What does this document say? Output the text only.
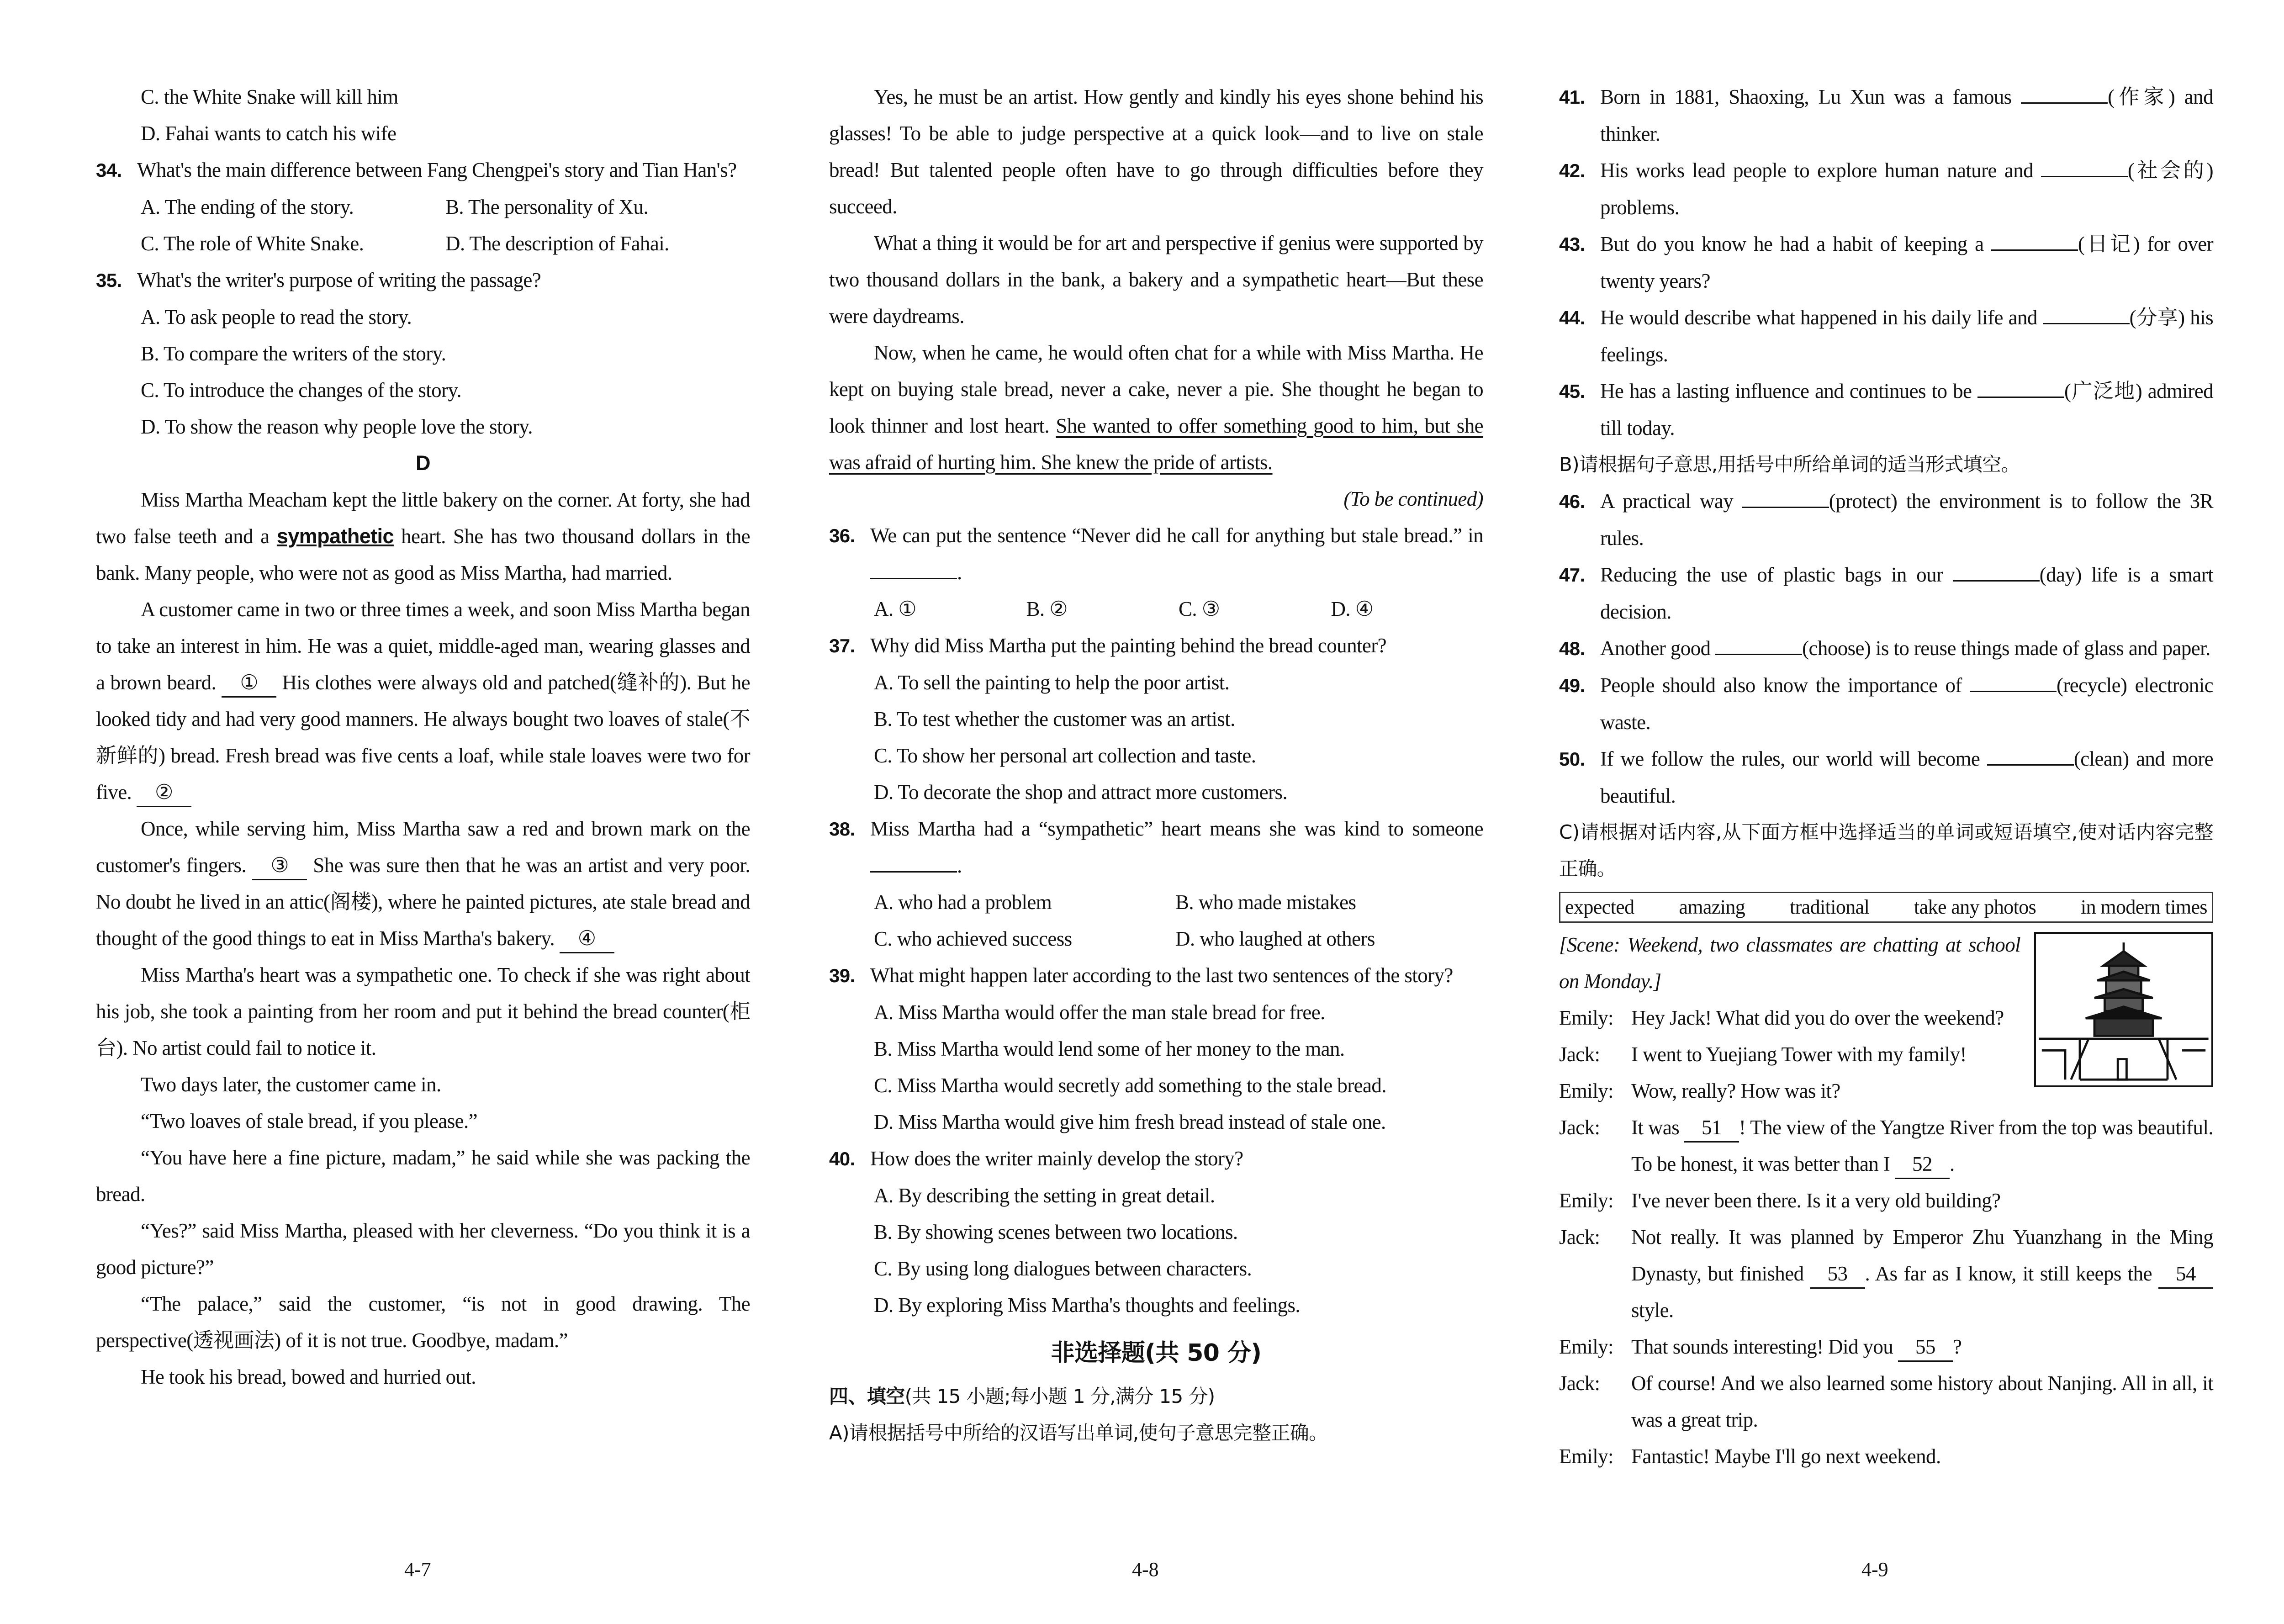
C. the White Snake will kill him
D. Fahai wants to catch his wife
34. What's the main difference between Fang Chengpei's story and Tian Han's?
A. The ending of the story.	B. The personality of Xu.
C. The role of White Snake.	D. The description of Fahai.
35. What's the writer's purpose of writing the passage?
A. To ask people to read the story.
B. To compare the writers of the story.
C. To introduce the changes of the story.
D. To show the reason why people love the story.
D
Miss Martha Meacham kept the little bakery on the corner. At forty, she had two false teeth and a sympathetic heart. She has two thousand dollars in the bank. Many people, who were not as good as Miss Martha, had married.
A customer came in two or three times a week, and soon Miss Martha began to take an interest in him. He was a quiet, middle-aged man, wearing glasses and a brown beard. ① His clothes were always old and patched(缝补的). But he looked tidy and had very good manners. He always bought two loaves of stale(不新鲜的) bread. Fresh bread was five cents a loaf, while stale loaves were two for five. ②
Once, while serving him, Miss Martha saw a red and brown mark on the customer's fingers. ③ She was sure then that he was an artist and very poor. No doubt he lived in an attic(阁楼), where he painted pictures, ate stale bread and thought of the good things to eat in Miss Martha's bakery. ④
Miss Martha's heart was a sympathetic one. To check if she was right about his job, she took a painting from her room and put it behind the bread counter(柜台). No artist could fail to notice it.
Two days later, the customer came in.
“Two loaves of stale bread, if you please.”
“You have here a fine picture, madam,” he said while she was packing the bread.
“Yes?” said Miss Martha, pleased with her cleverness. “Do you think it is a good picture?”
“The palace,” said the customer, “is not in good drawing. The perspective(透视画法) of it is not true. Goodbye, madam.”
He took his bread, bowed and hurried out.
Yes, he must be an artist. How gently and kindly his eyes shone behind his glasses! To be able to judge perspective at a quick look—and to live on stale bread! But talented people often have to go through difficulties before they succeed.
What a thing it would be for art and perspective if genius were supported by two thousand dollars in the bank, a bakery and a sympathetic heart—But these were daydreams.
Now, when he came, he would often chat for a while with Miss Martha. He kept on buying stale bread, never a cake, never a pie. She thought he began to look thinner and lost heart. She wanted to offer something good to him, but she was afraid of hurting him. She knew the pride of artists.
(To be continued)
36. We can put the sentence “Never did he call for anything but stale bread.” in .
A. ①	B. ②	C. ③	D. ④
37. Why did Miss Martha put the painting behind the bread counter?
A. To sell the painting to help the poor artist.
B. To test whether the customer was an artist.
C. To show her personal art collection and taste.
D. To decorate the shop and attract more customers.
38. Miss Martha had a “sympathetic” heart means she was kind to someone .
A. who had a problem	B. who made mistakes
C. who achieved success	D. who laughed at others
39. What might happen later according to the last two sentences of the story?
A. Miss Martha would offer the man stale bread for free.
B. Miss Martha would lend some of her money to the man.
C. Miss Martha would secretly add something to the stale bread.
D. Miss Martha would give him fresh bread instead of stale one.
40. How does the writer mainly develop the story?
A. By describing the setting in great detail.
B. By showing scenes between two locations.
C. By using long dialogues between characters.
D. By exploring Miss Martha's thoughts and feelings.
非选择题(共 50 分)
四、填空(共 15 小题;每小题 1 分,满分 15 分)
A)请根据括号中所给的汉语写出单词,使句子意思完整正确。
41. Born in 1881, Shaoxing, Lu Xun was a famous	(作家) and thinker.
42. His works lead people to explore human nature and	(社会的) problems.
43. But do you know he had a habit of keeping a	(日记) for over twenty years?
44. He would describe what happened in his daily life and	(分享) his feelings.
45. He has a lasting influence and continues to be	(广泛地) admired till today.
B)请根据句子意思,用括号中所给单词的适当形式填空。
46. A practical way	(protect) the environment is to follow the 3R rules.
47. Reducing the use of plastic bags in our	(day) life is a smart decision.
48. Another good	(choose) is to reuse things made of glass and paper.
49. People should also know the importance of	(recycle) electronic waste.
50. If we follow the rules, our world will become	(clean) and more beautiful.
C)请根据对话内容,从下面方框中选择适当的单词或短语填空,使对话内容完整正确。
expected amazing traditional take any photos in modern times
[Scene: Weekend, two classmates are chatting at school on Monday.]
Emily: Hey Jack! What did you do over the weekend?
Jack:	I went to Yuejiang Tower with my family!
Emily: Wow, really? How was it?
Jack:	It was 51 ! The view of the Yangtze River from the top was beautiful. To be honest, it was better than I 52 .
Emily: I've never been there. Is it a very old building?
Jack:	Not really. It was planned by Emperor Zhu Yuanzhang in the Ming Dynasty, but finished 53 . As far as I know, it still keeps the 54 style.
Emily: That sounds interesting! Did you 55 ?
Jack:	Of course! And we also learned some history about Nanjing. All in all, it was a great trip.
Emily: Fantastic! Maybe I'll go next weekend.
4-7	4-8	4-9
